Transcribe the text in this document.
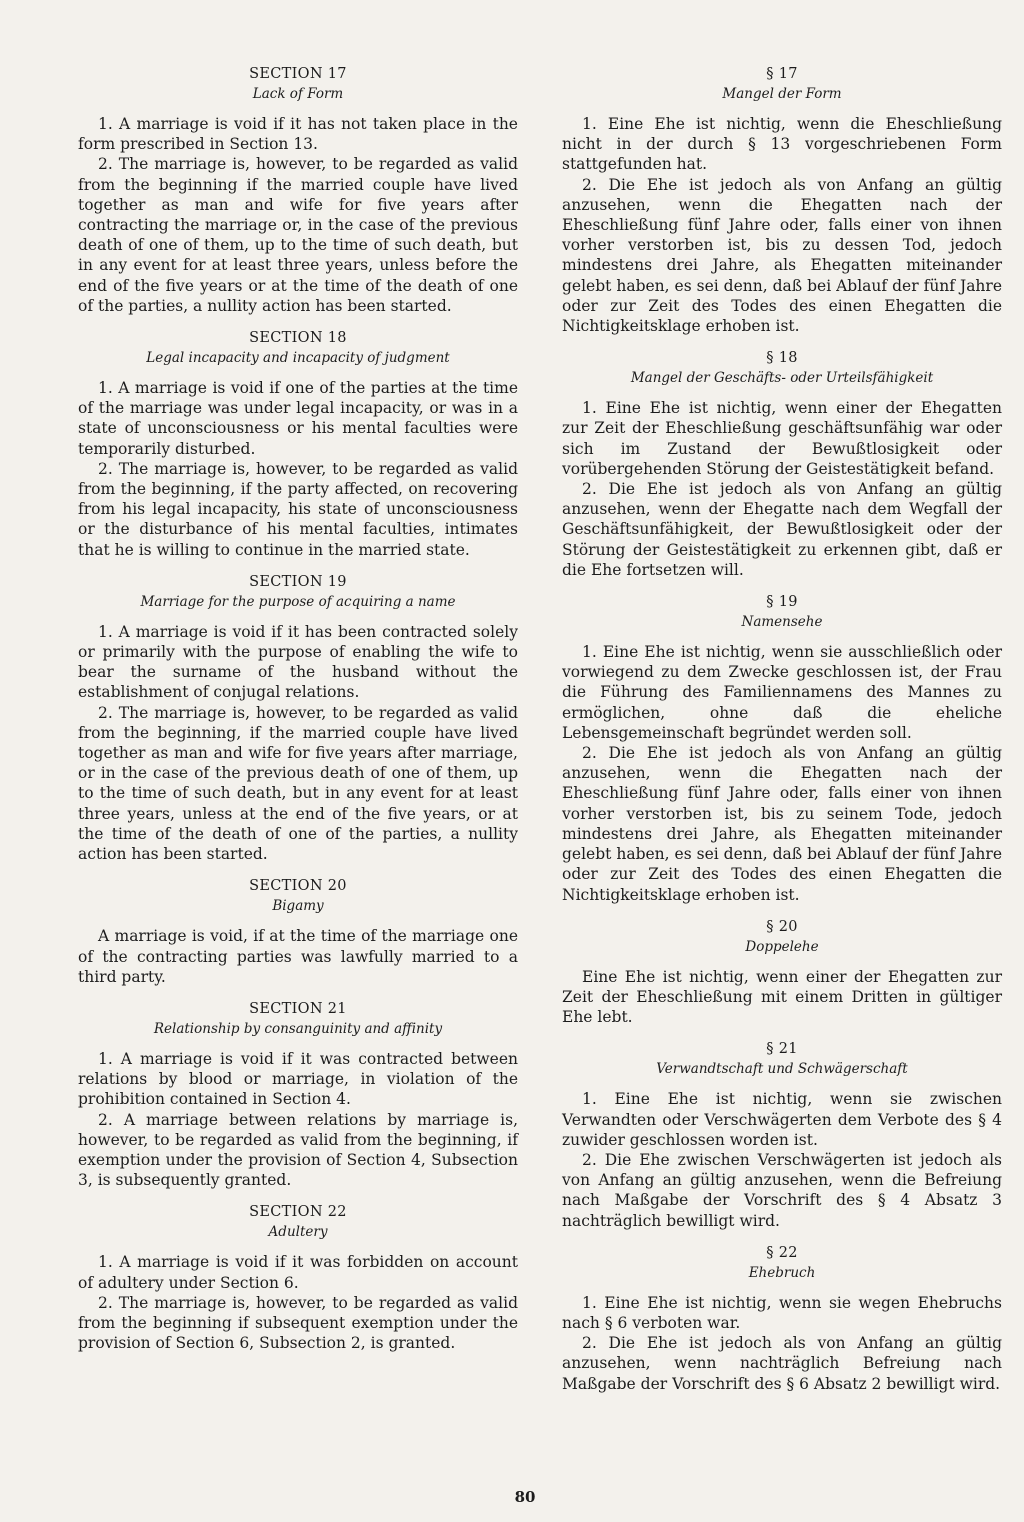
SECTION 17

Lack of Form

1. A marriage is void if it has not taken place in the form prescribed in Section 13.

2. The marriage is, however, to be regarded as valid from the beginning if the married couple have lived together as man and wife for five years after contracting the marriage or, in the case of the previous death of one of them, up to the time of such death, but in any event for at least three years, unless before the end of the five years or at the time of the death of one of the parties, a nullity action has been started.

SECTION 18

Legal incapacity and incapacity of judgment

1. A marriage is void if one of the parties at the time of the marriage was under legal incapacity, or was in a state of unconsciousness or his mental faculties were temporarily disturbed.

2. The marriage is, however, to be regarded as valid from the beginning, if the party affected, on recovering from his legal incapacity, his state of unconsciousness or the disturbance of his mental faculties, intimates that he is willing to continue in the married state.

SECTION 19

Marriage for the purpose of acquiring a name

1. A marriage is void if it has been contracted solely or primarily with the purpose of enabling the wife to bear the surname of the husband without the establishment of conjugal relations.

2. The marriage is, however, to be regarded as valid from the beginning, if the married couple have lived together as man and wife for five years after marriage, or in the case of the previous death of one of them, up to the time of such death, but in any event for at least three years, unless at the end of the five years, or at the time of the death of one of the parties, a nullity action has been started.

SECTION 20

Bigamy

A marriage is void, if at the time of the marriage one of the contracting parties was lawfully married to a third party.

SECTION 21

Relationship by consanguinity and affinity

1. A marriage is void if it was contracted between relations by blood or marriage, in violation of the prohibition contained in Section 4.

2. A marriage between relations by marriage is, however, to be regarded as valid from the beginning, if exemption under the provision of Section 4, Subsection 3, is subsequently granted.

SECTION 22

Adultery

1. A marriage is void if it was forbidden on account of adultery under Section 6.

2. The marriage is, however, to be regarded as valid from the beginning if subsequent exemption under the provision of Section 6, Subsection 2, is granted.

§ 17

Mangel der Form

1. Eine Ehe ist nichtig, wenn die Eheschließung nicht in der durch § 13 vorgeschriebenen Form stattgefunden hat.

2. Die Ehe ist jedoch als von Anfang an gültig anzusehen, wenn die Ehegatten nach der Eheschließung fünf Jahre oder, falls einer von ihnen vorher verstorben ist, bis zu dessen Tod, jedoch mindestens drei Jahre, als Ehegatten miteinander gelebt haben, es sei denn, daß bei Ablauf der fünf Jahre oder zur Zeit des Todes des einen Ehegatten die Nichtigkeitsklage erhoben ist.

§ 18

Mangel der Geschäfts- oder Urteilsfähigkeit

1. Eine Ehe ist nichtig, wenn einer der Ehegatten zur Zeit der Eheschließung geschäftsunfähig war oder sich im Zustand der Bewußtlosigkeit oder vorübergehenden Störung der Geistestätigkeit befand.

2. Die Ehe ist jedoch als von Anfang an gültig anzusehen, wenn der Ehegatte nach dem Wegfall der Geschäftsunfähigkeit, der Bewußtlosigkeit oder der Störung der Geistestätigkeit zu erkennen gibt, daß er die Ehe fortsetzen will.

§ 19

Namensehe

1. Eine Ehe ist nichtig, wenn sie ausschließlich oder vorwiegend zu dem Zwecke geschlossen ist, der Frau die Führung des Familiennamens des Mannes zu ermöglichen, ohne daß die eheliche Lebensgemeinschaft begründet werden soll.

2. Die Ehe ist jedoch als von Anfang an gültig anzusehen, wenn die Ehegatten nach der Eheschließung fünf Jahre oder, falls einer von ihnen vorher verstorben ist, bis zu seinem Tode, jedoch mindestens drei Jahre, als Ehegatten miteinander gelebt haben, es sei denn, daß bei Ablauf der fünf Jahre oder zur Zeit des Todes des einen Ehegatten die Nichtigkeitsklage erhoben ist.

§ 20

Doppelehe

Eine Ehe ist nichtig, wenn einer der Ehegatten zur Zeit der Eheschließung mit einem Dritten in gültiger Ehe lebt.

§ 21

Verwandtschaft und Schwägerschaft

1. Eine Ehe ist nichtig, wenn sie zwischen Verwandten oder Verschwägerten dem Verbote des § 4 zuwider geschlossen worden ist.

2. Die Ehe zwischen Verschwägerten ist jedoch als von Anfang an gültig anzusehen, wenn die Befreiung nach Maßgabe der Vorschrift des § 4 Absatz 3 nachträglich bewilligt wird.

§ 22

Ehebruch

1. Eine Ehe ist nichtig, wenn sie wegen Ehebruchs nach § 6 verboten war.

2. Die Ehe ist jedoch als von Anfang an gültig anzusehen, wenn nachträglich Befreiung nach Maßgabe der Vorschrift des § 6 Absatz 2 bewilligt wird.

80
